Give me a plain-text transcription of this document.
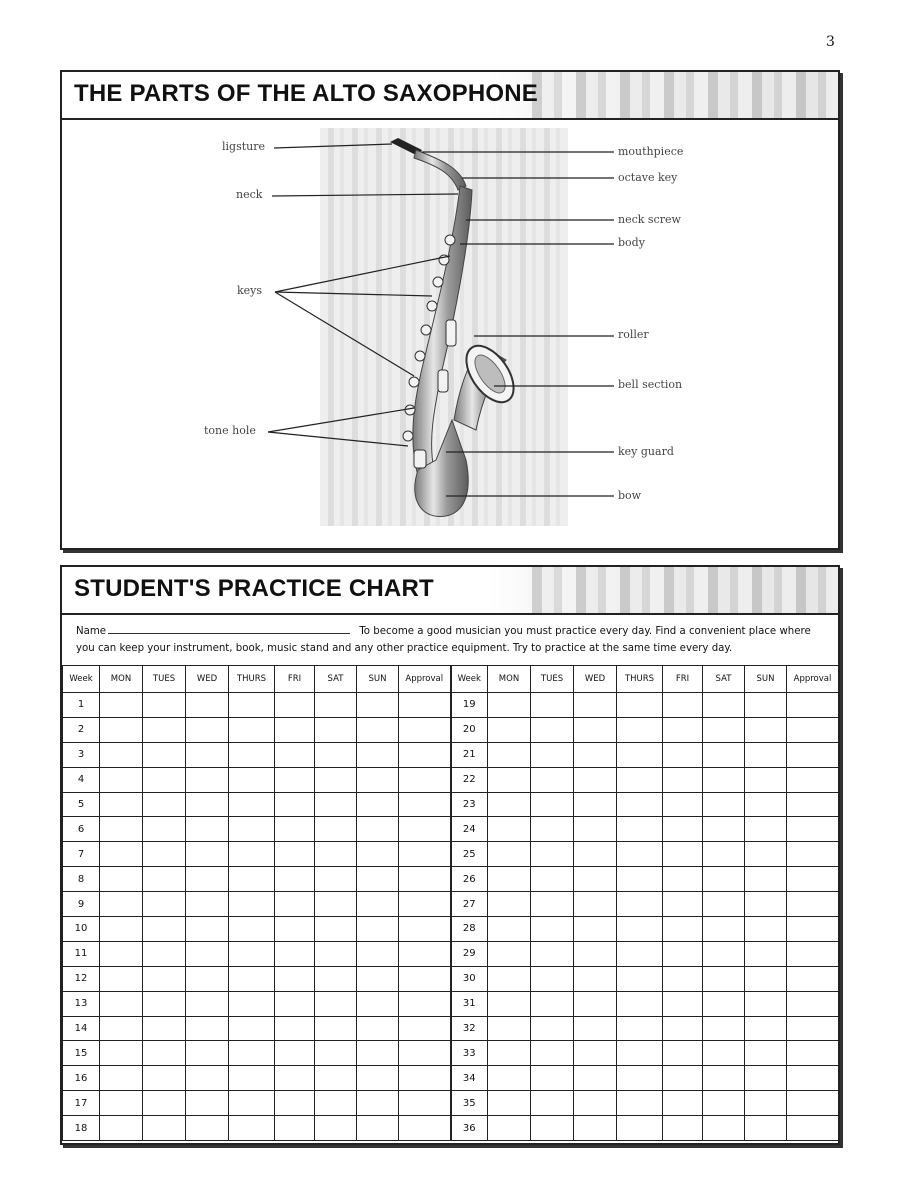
3
THE PARTS OF THE ALTO SAXOPHONE
ligsture
neck
keys
tone hole
mouthpiece
octave key
neck screw
body
roller
bell section
key guard
bow
STUDENT'S PRACTICE CHART
Name	To become a good musician you must practice every day. Find a convenient place where you can keep your instrument, book, music stand and any other practice equipment. Try to practice at the same time every day.
Week	MON	TUES	WED	THURS	FRI	SAT	SUN	Approval	Week	MON	TUES	WED	THURS	FRI	SAT	SUN	Approval
1									19								
2									20								
3									21								
4									22								
5									23								
6									24								
7									25								
8									26								
9									27								
10									28								
11									29								
12									30								
13									31								
14									32								
15									33								
16									34								
17									35								
18									36								
